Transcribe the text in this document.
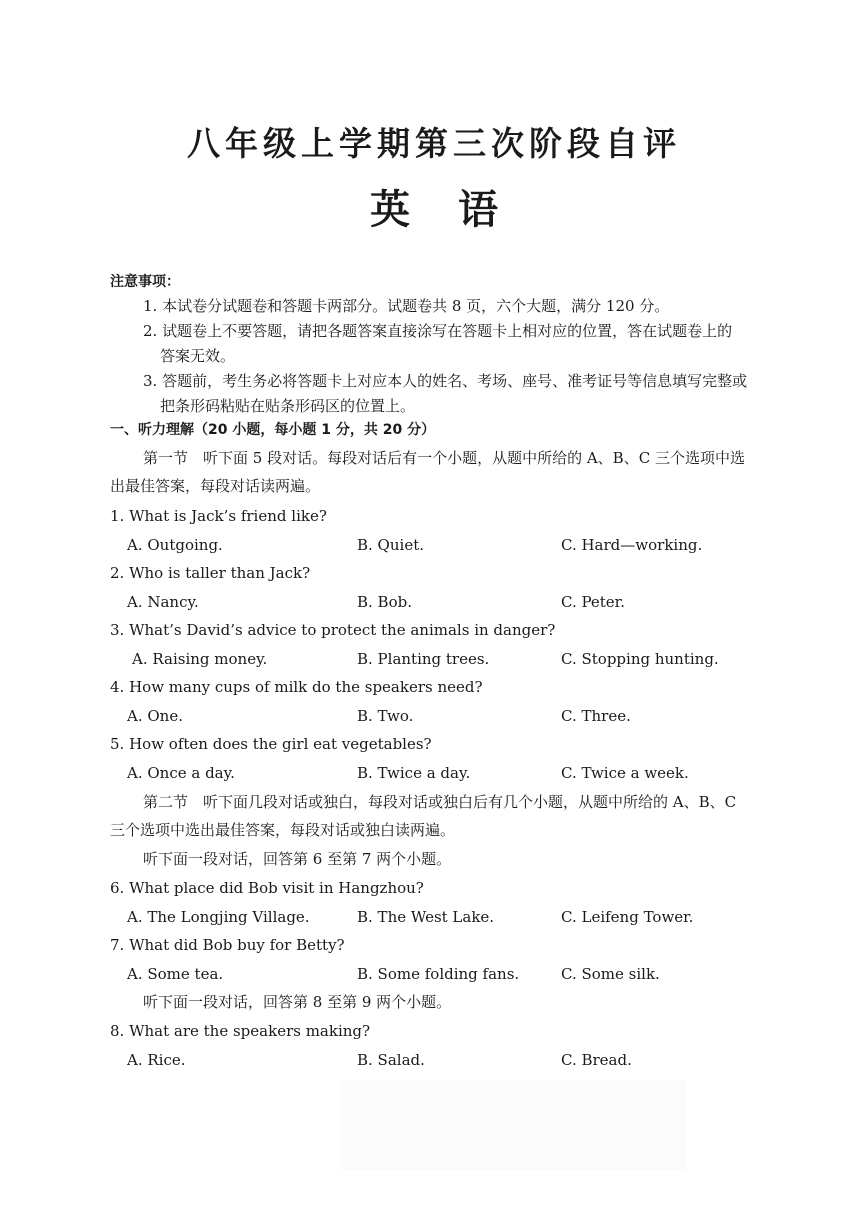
八年级上学期第三次阶段自评
英语
注意事项：
1. 本试卷分试题卷和答题卡两部分。试题卷共 8 页，六个大题，满分 120 分。
2. 试题卷上不要答题，请把各题答案直接涂写在答题卡上相对应的位置，答在试题卷上的
答案无效。
3. 答题前，考生务必将答题卡上对应本人的姓名、考场、座号、准考证号等信息填写完整或
把条形码粘贴在贴条形码区的位置上。
一、听力理解（20 小题，每小题 1 分，共 20 分）
第一节　听下面 5 段对话。每段对话后有一个小题，从题中所给的 A、B、C 三个选项中选
出最佳答案，每段对话读两遍。
1. What is Jack’s friend like?
A. Outgoing.	B. Quiet.	C. Hard—working.
2. Who is taller than Jack?
A. Nancy.	B. Bob.	C. Peter.
3. What’s David’s advice to protect the animals in danger?
A. Raising money.	B. Planting trees.	C. Stopping hunting.
4. How many cups of milk do the speakers need?
A. One.	B. Two.	C. Three.
5. How often does the girl eat vegetables?
A. Once a day.	B. Twice a day.	C. Twice a week.
第二节　听下面几段对话或独白，每段对话或独白后有几个小题，从题中所给的 A、B、C
三个选项中选出最佳答案，每段对话或独白读两遍。
听下面一段对话，回答第 6 至第 7 两个小题。
6. What place did Bob visit in Hangzhou?
A. The Longjing Village.	B. The West Lake.	C. Leifeng Tower.
7. What did Bob buy for Betty?
A. Some tea.	B. Some folding fans.	C. Some silk.
听下面一段对话，回答第 8 至第 9 两个小题。
8. What are the speakers making?
A. Rice.	B. Salad.	C. Bread.
